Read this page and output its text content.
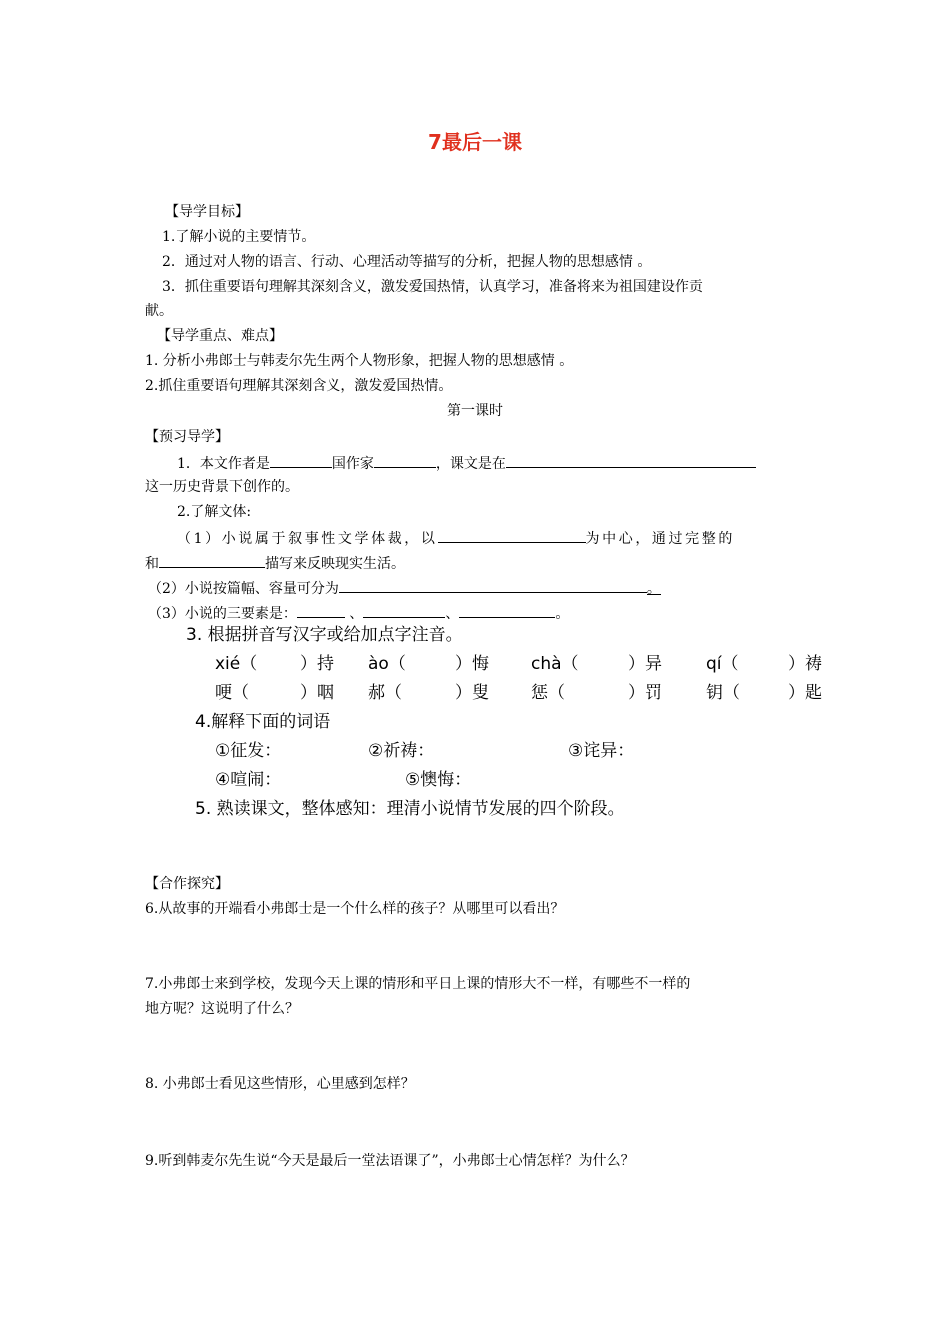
7最后一课
【导学目标】
1.了解小说的主要情节。
2．通过对人物的语言、行动、心理活动等描写的分析，把握人物的思想感情 。
3．抓住重要语句理解其深刻含义，激发爱国热情，认真学习，准备将来为祖国建设作贡
献。
【导学重点、难点】
1. 分析小弗郎士与韩麦尔先生两个人物形象，把握人物的思想感情 。
2.抓住重要语句理解其深刻含义，激发爱国热情。
第一课时
【预习导学】
1．本文作者是	国作家	，课文是在
这一历史背景下创作的。
2.了解文体:
（1）小说属于叙事性文学体裁，以	为中心，通过完整的
和	描写来反映现实生活。
（2）小说按篇幅、容量可分为	。
（3）小说的三要素是：	、	、	。
3. 根据拼音写汉字或给加点字注音。
xié（	）持 ào（	）悔 chà（	）异	qí（	）祷
哽（	）咽 郝（	）叟 惩（	）罚	钥（	）匙
4.解释下面的词语
①征发：	②祈祷：	③诧异：
④喧闹：	⑤懊悔：
5. 熟读课文，整体感知：理清小说情节发展的四个阶段。
【合作探究】
6.从故事的开端看小弗郎士是一个什么样的孩子？从哪里可以看出？
7.小弗郎士来到学校，发现今天上课的情形和平日上课的情形大不一样，有哪些不一样的
地方呢？这说明了什么？
8. 小弗郎士看见这些情形，心里感到怎样？
9.听到韩麦尔先生说“今天是最后一堂法语课了”，小弗郎士心情怎样？为什么？
